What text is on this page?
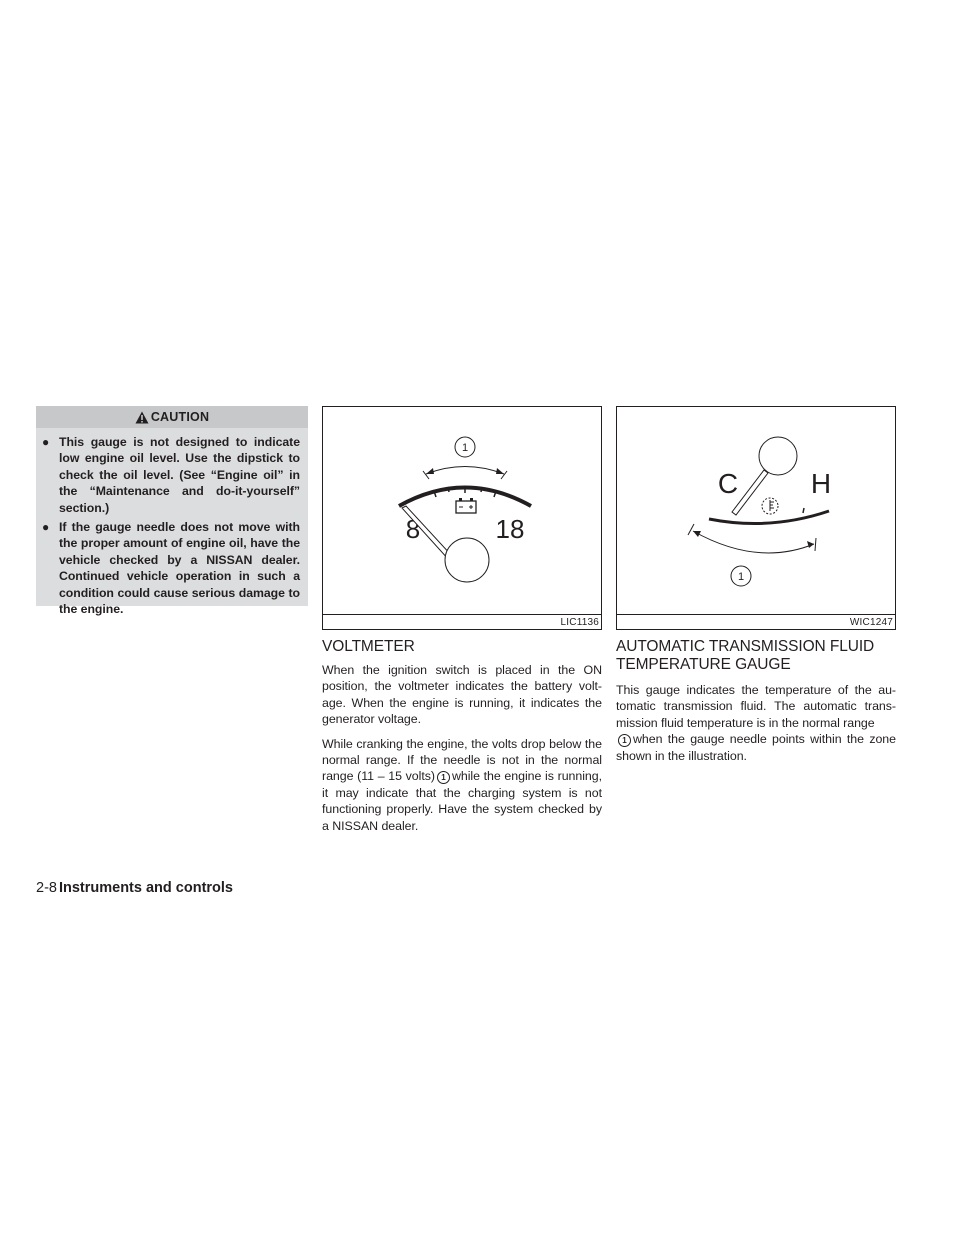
CAUTION
● This gauge is not designed to indicate low engine oil level. Use the dipstick to check the oil level. (See “Engine oil” in the “Maintenance and do-it-yourself” section.)
● If the gauge needle does not move with the proper amount of engine oil, have the vehicle checked by a NISSAN dealer. Continued vehicle operation in such a condition could cause serious damage to the engine.
1
8	18
LIC1136
C	H
1
WIC1247
VOLTMETER

When the ignition switch is placed in the ON position, the voltmeter indicates the battery volt-age. When the engine is running, it indicates the generator voltage.

While cranking the engine, the volts drop below the normal range. If the needle is not in the normal range (11 – 15 volts) 1 while the engine is running, it may indicate that the charging system is not functioning properly. Have the system checked by a NISSAN dealer.

AUTOMATIC TRANSMISSION FLUID
TEMPERATURE GAUGE

This gauge indicates the temperature of the au-tomatic transmission fluid. The automatic trans-mission fluid temperature is in the normal range
1 when the gauge needle points within the zone shown in the illustration.

2-8 Instruments and controls
